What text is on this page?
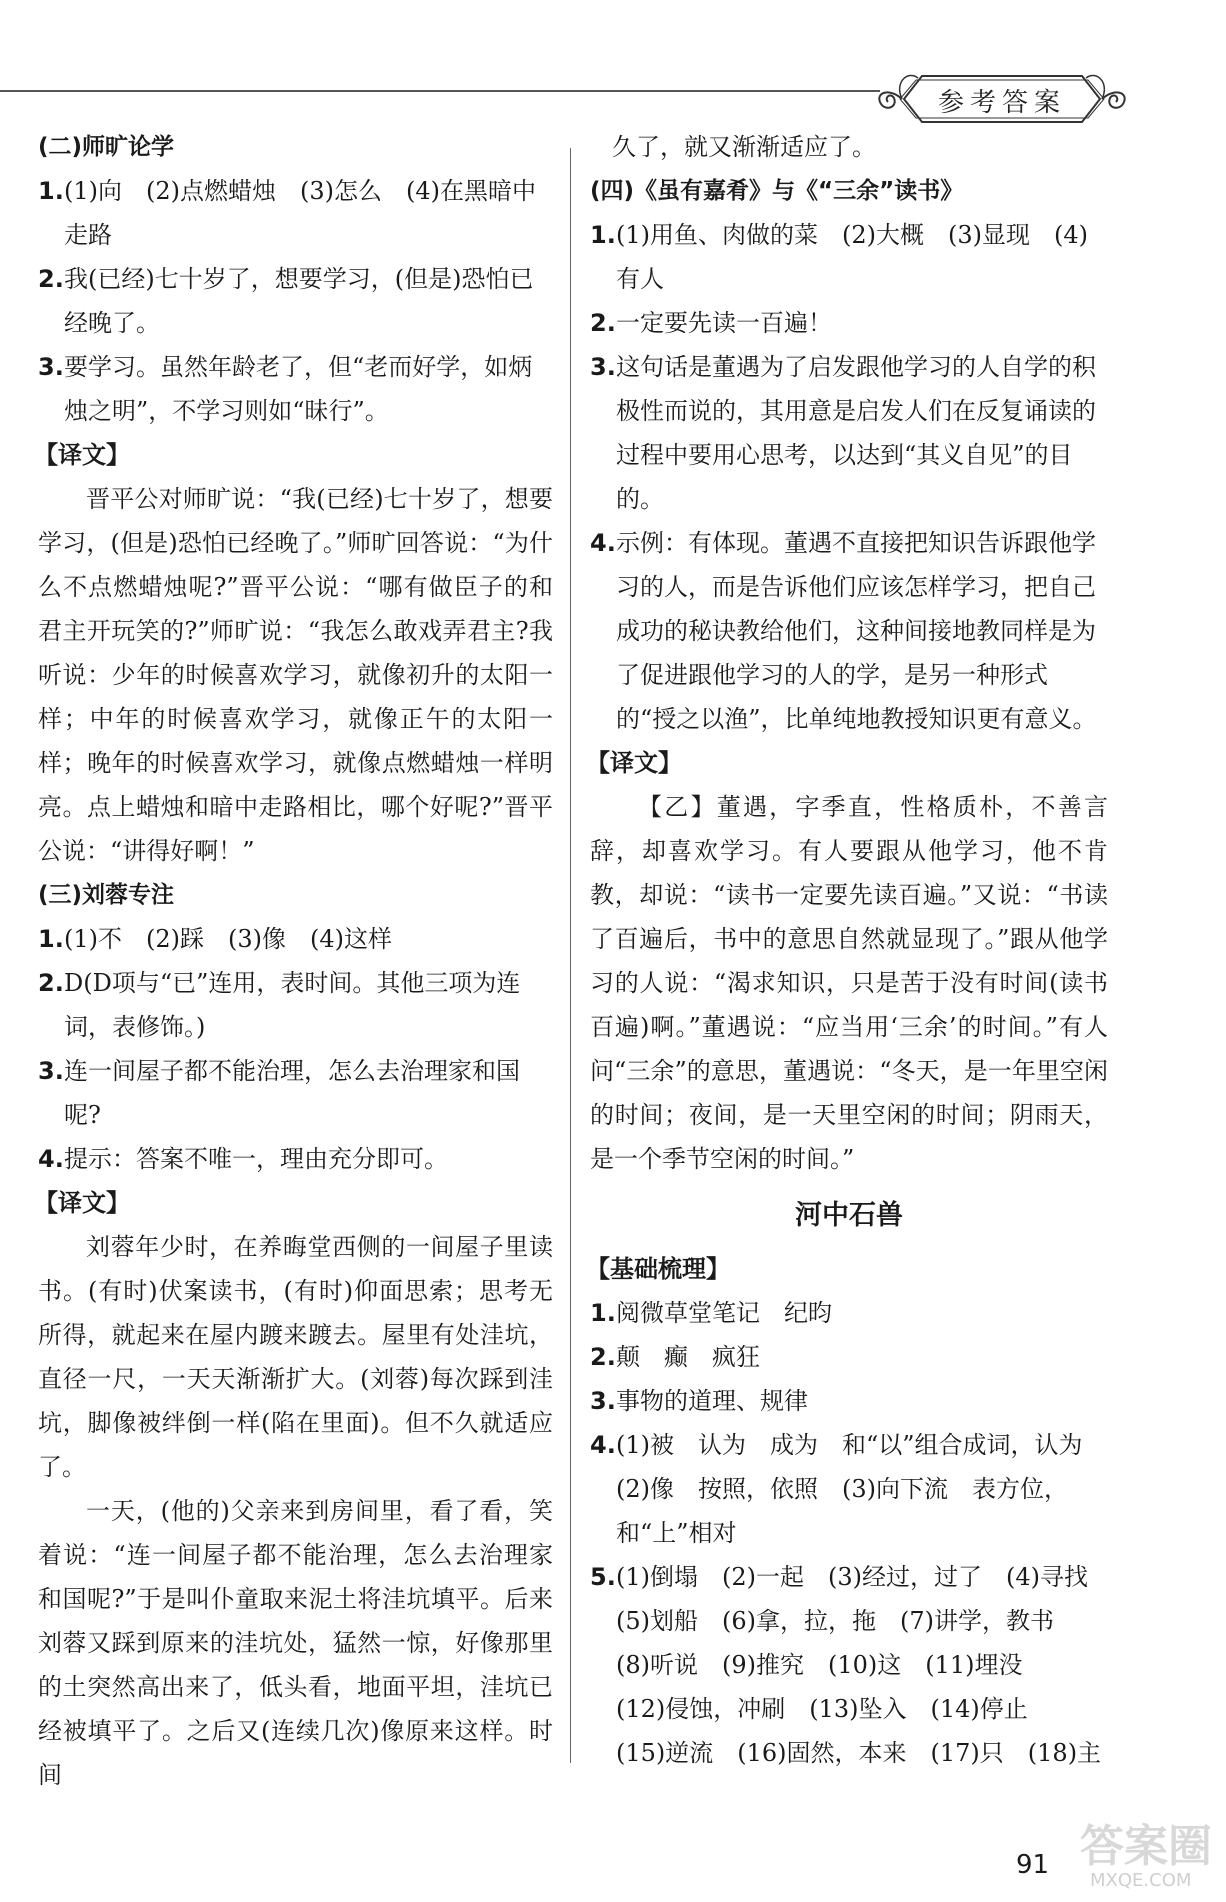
参考答案
(二)师旷论学
1. (1)向　(2)点燃蜡烛　(3)怎么　(4)在黑暗中走路
2. 我(已经)七十岁了，想要学习，(但是)恐怕已经晚了。
3. 要学习。虽然年龄老了，但“老而好学，如炳烛之明”，不学习则如“昧行”。
【译文】
晋平公对师旷说：“我(已经)七十岁了，想要学习，(但是)恐怕已经晚了。”师旷回答说：“为什么不点燃蜡烛呢?”晋平公说：“哪有做臣子的和君主开玩笑的?”师旷说：“我怎么敢戏弄君主?我听说：少年的时候喜欢学习，就像初升的太阳一样；中年的时候喜欢学习，就像正午的太阳一样；晚年的时候喜欢学习，就像点燃蜡烛一样明亮。点上蜡烛和暗中走路相比，哪个好呢?”晋平公说：“讲得好啊！”
(三)刘蓉专注
1. (1)不　(2)踩　(3)像　(4)这样
2. D(D项与“已”连用，表时间。其他三项为连词，表修饰。)
3. 连一间屋子都不能治理，怎么去治理家和国呢?
4. 提示：答案不唯一，理由充分即可。
【译文】
刘蓉年少时，在养晦堂西侧的一间屋子里读书。(有时)伏案读书，(有时)仰面思索；思考无所得，就起来在屋内踱来踱去。屋里有处洼坑，直径一尺，一天天渐渐扩大。(刘蓉)每次踩到洼坑，脚像被绊倒一样(陷在里面)。但不久就适应了。
一天，(他的)父亲来到房间里，看了看，笑着说：“连一间屋子都不能治理，怎么去治理家和国呢?”于是叫仆童取来泥土将洼坑填平。后来刘蓉又踩到原来的洼坑处，猛然一惊，好像那里的土突然高出来了，低头看，地面平坦，洼坑已经被填平了。之后又(连续几次)像原来这样。时间
久了，就又渐渐适应了。
(四)《虽有嘉肴》与《“三余”读书》
1. (1)用鱼、肉做的菜　(2)大概　(3)显现　(4)有人
2. 一定要先读一百遍！
3. 这句话是董遇为了启发跟他学习的人自学的积极性而说的，其用意是启发人们在反复诵读的过程中要用心思考，以达到“其义自见”的目的。
4. 示例：有体现。董遇不直接把知识告诉跟他学习的人，而是告诉他们应该怎样学习，把自己成功的秘诀教给他们，这种间接地教同样是为了促进跟他学习的人的学，是另一种形式的“授之以渔”，比单纯地教授知识更有意义。
【译文】
【乙】董遇，字季直，性格质朴，不善言辞，却喜欢学习。有人要跟从他学习，他不肯教，却说：“读书一定要先读百遍。”又说：“书读了百遍后，书中的意思自然就显现了。”跟从他学习的人说：“渴求知识，只是苦于没有时间(读书百遍)啊。”董遇说：“应当用‘三余’的时间。”有人问“三余”的意思，董遇说：“冬天，是一年里空闲的时间；夜间，是一天里空闲的时间；阴雨天，是一个季节空闲的时间。”
河中石兽
【基础梳理】
1. 阅微草堂笔记　纪昀
2. 颠　癫　疯狂
3. 事物的道理、规律
4. (1)被　认为　成为　和“以”组合成词，认为
(2)像　按照，依照　(3)向下流　表方位，
和“上”相对
5. (1)倒塌　(2)一起　(3)经过，过了　(4)寻找
(5)划船　(6)拿，拉，拖　(7)讲学，教书
(8)听说　(9)推究　(10)这　(11)埋没
(12)侵蚀，冲刷　(13)坠入　(14)停止
(15)逆流　(16)固然，本来　(17)只　(18)主
答案圈
MXQE.COM
91
